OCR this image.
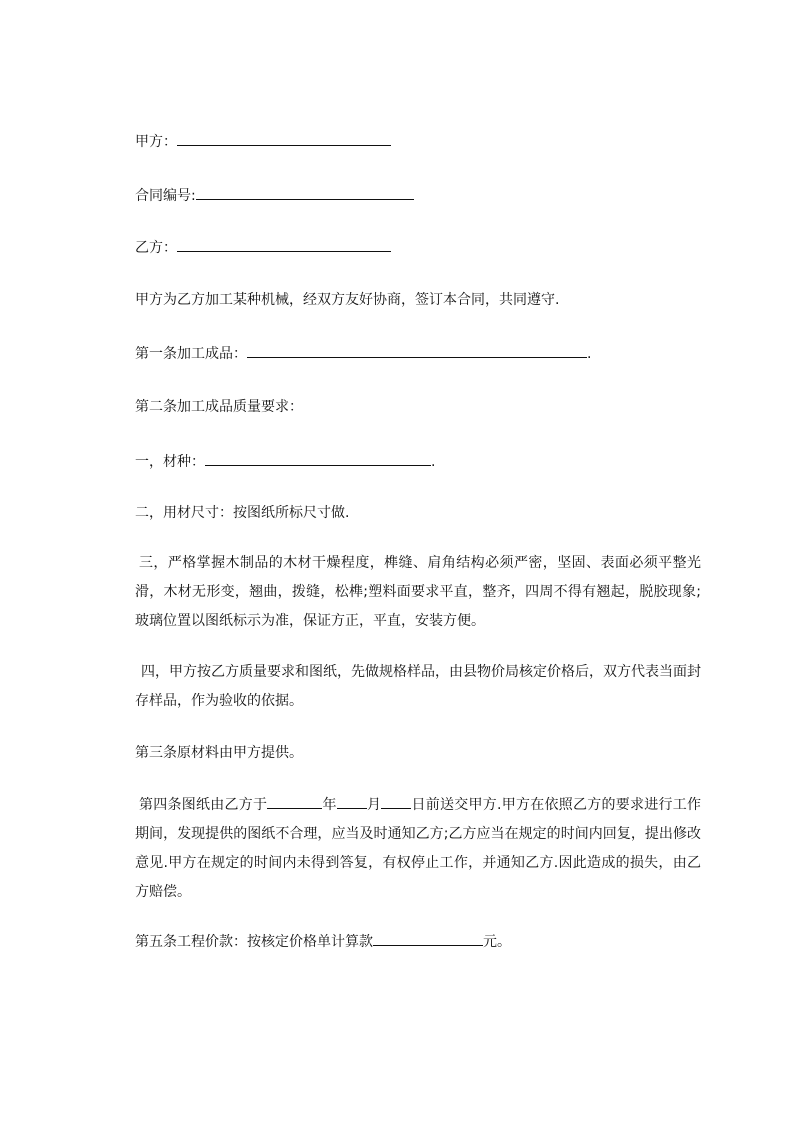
甲方：

合同编号:

乙方：

甲方为乙方加工某种机械，经双方友好协商，签订本合同，共同遵守.

第一条加工成品：	.

第二条加工成品质量要求：

一，材种：	.

二，用材尺寸：按图纸所标尺寸做.

三，严格掌握木制品的木材干燥程度，榫缝、肩角结构必须严密，坚固、表面必须平整光滑，木材无形变，翘曲，拨缝，松榫;塑料面要求平直，整齐，四周不得有翘起，脱胶现象;玻璃位置以图纸标示为准，保证方正，平直，安装方便。

四，甲方按乙方质量要求和图纸，先做规格样品，由县物价局核定价格后，双方代表当面封存样品，作为验收的依据。

第三条原材料由甲方提供。

第四条图纸由乙方于	年 月 日前送交甲方.甲方在依照乙方的要求进行工作期间，发现提供的图纸不合理，应当及时通知乙方;乙方应当在规定的时间内回复，提出修改意见.甲方在规定的时间内未得到答复，有权停止工作，并通知乙方.因此造成的损失，由乙方赔偿。

第五条工程价款：按核定价格单计算款	元。
